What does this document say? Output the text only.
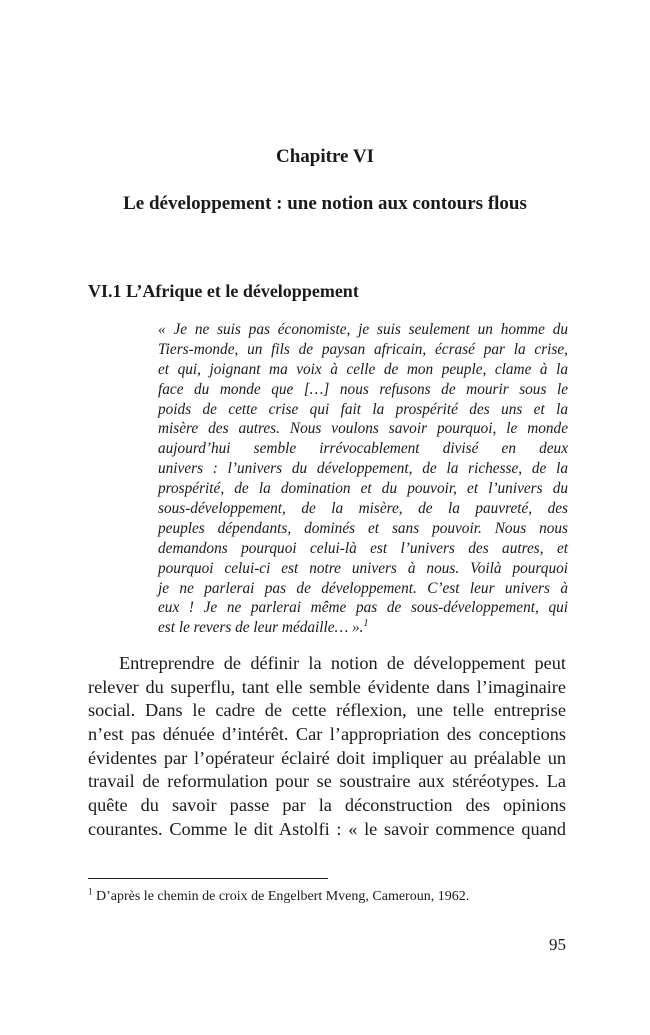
Chapitre VI
Le développement : une notion aux contours flous
VI.1 L’Afrique et le développement
« Je ne suis pas économiste, je suis seulement un homme du
Tiers-monde, un fils de paysan africain, écrasé par la crise,
et qui, joignant ma voix à celle de mon peuple, clame à la
face du monde que […] nous refusons de mourir sous le
poids de cette crise qui fait la prospérité des uns et la
misère des autres. Nous voulons savoir pourquoi, le monde
aujourd’hui semble irrévocablement divisé en deux
univers : l’univers du développement, de la richesse, de la
prospérité, de la domination et du pouvoir, et l’univers du
sous-développement, de la misère, de la pauvreté, des
peuples dépendants, dominés et sans pouvoir. Nous nous
demandons pourquoi celui-là est l’univers des autres, et
pourquoi celui-ci est notre univers à nous. Voilà pourquoi
je ne parlerai pas de développement. C’est leur univers à
eux ! Je ne parlerai même pas de sous-développement, qui
est le revers de leur médaille… ».$^1$

Entreprendre de définir la notion de développement peut
relever du superflu, tant elle semble évidente dans l’imaginaire
social. Dans le cadre de cette réflexion, une telle entreprise
n’est pas dénuée d’intérêt. Car l’appropriation des conceptions
évidentes par l’opérateur éclairé doit impliquer au préalable un
travail de reformulation pour se soustraire aux stéréotypes. La
quête du savoir passe par la déconstruction des opinions
courantes. Comme le dit Astolfi : « le savoir commence quand

$^1$ D’après le chemin de croix de Engelbert Mveng, Cameroun, 1962.

95
